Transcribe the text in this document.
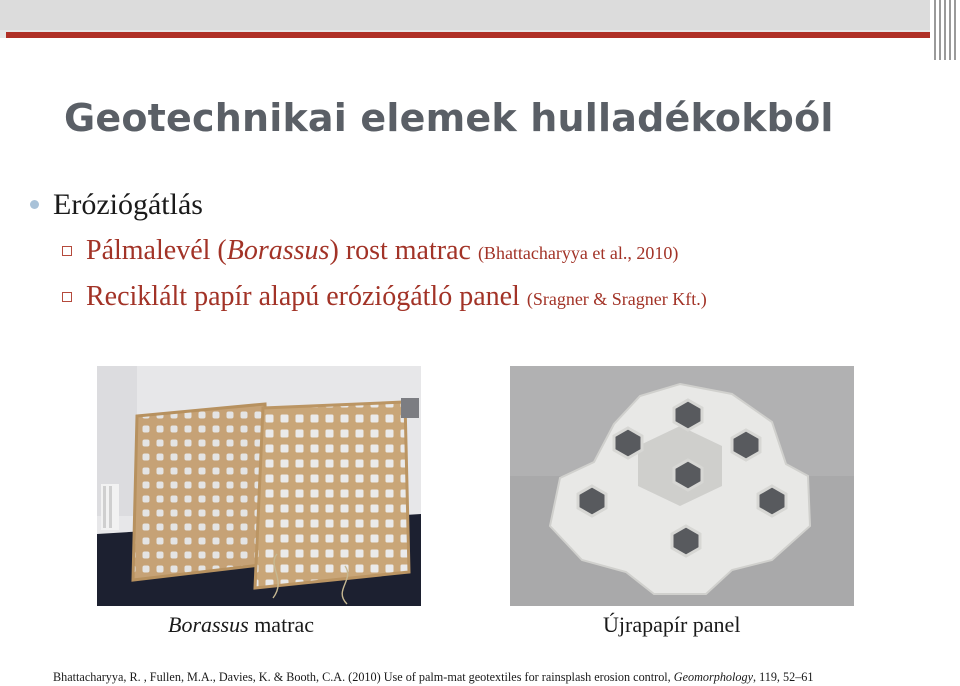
Geotechnikai elemek hulladékokból
Eróziógátlás
Pálmalevél (Borassus) rost matrac (Bhattacharyya et al., 2010)
Reciklált papír alapú eróziógátló panel (Sragner & Sragner Kft.)
Borassus matrac	Újrapapír panel
Bhattacharyya, R. , Fullen, M.A., Davies, K. & Booth, C.A. (2010) Use of palm-mat geotextiles for rainsplash erosion control, Geomorphology, 119, 52–61
